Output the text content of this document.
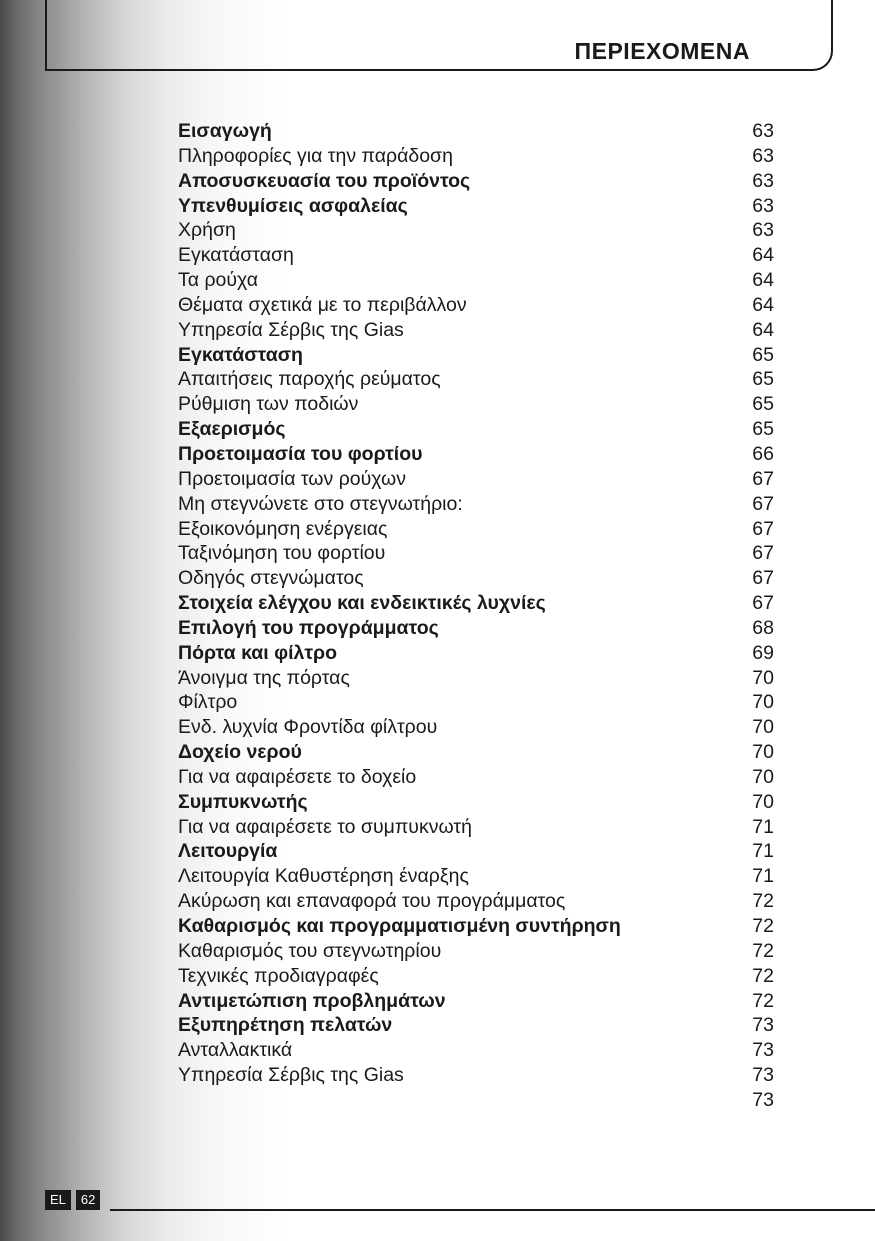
ΠΕΡΙΕΧΟΜΕΝΑ
Εισαγωγή	63
Πληροφορίες για την παράδοση	63
Αποσυσκευασία του προϊόντος	63
Υπενθυμίσεις ασφαλείας	63
Χρήση	63
Εγκατάσταση	64
Τα ρούχα	64
Θέματα σχετικά με το περιβάλλον	64
Υπηρεσία Σέρβις της Gias	64
Εγκατάσταση	65
Απαιτήσεις παροχής ρεύματος	65
Ρύθμιση των ποδιών	65
Εξαερισμός	65
Προετοιμασία του φορτίου	66
Προετοιμασία των ρούχων	67
Μη στεγνώνετε στο στεγνωτήριο:	67
Εξοικονόμηση ενέργειας	67
Ταξινόμηση του φορτίου	67
Οδηγός στεγνώματος	67
Στοιχεία ελέγχου και ενδεικτικές λυχνίες	67
Επιλογή του προγράμματος	68
Πόρτα και φίλτρο	69
Άνοιγμα της πόρτας	70
Φίλτρο	70
Ενδ. λυχνία Φροντίδα φίλτρου	70
Δοχείο νερού	70
Για να αφαιρέσετε το δοχείο	70
Συμπυκνωτής	70
Για να αφαιρέσετε το συμπυκνωτή	71
Λειτουργία	71
Λειτουργία Καθυστέρηση έναρξης	71
Ακύρωση και επαναφορά του προγράμματος	72
Καθαρισμός και προγραμματισμένη συντήρηση	72
Καθαρισμός του στεγνωτηρίου	72
Τεχνικές προδιαγραφές	72
Αντιμετώπιση προβλημάτων	72
Εξυπηρέτηση πελατών	73
Ανταλλακτικά	73
Υπηρεσία Σέρβις της Gias	73
73
EL	62
